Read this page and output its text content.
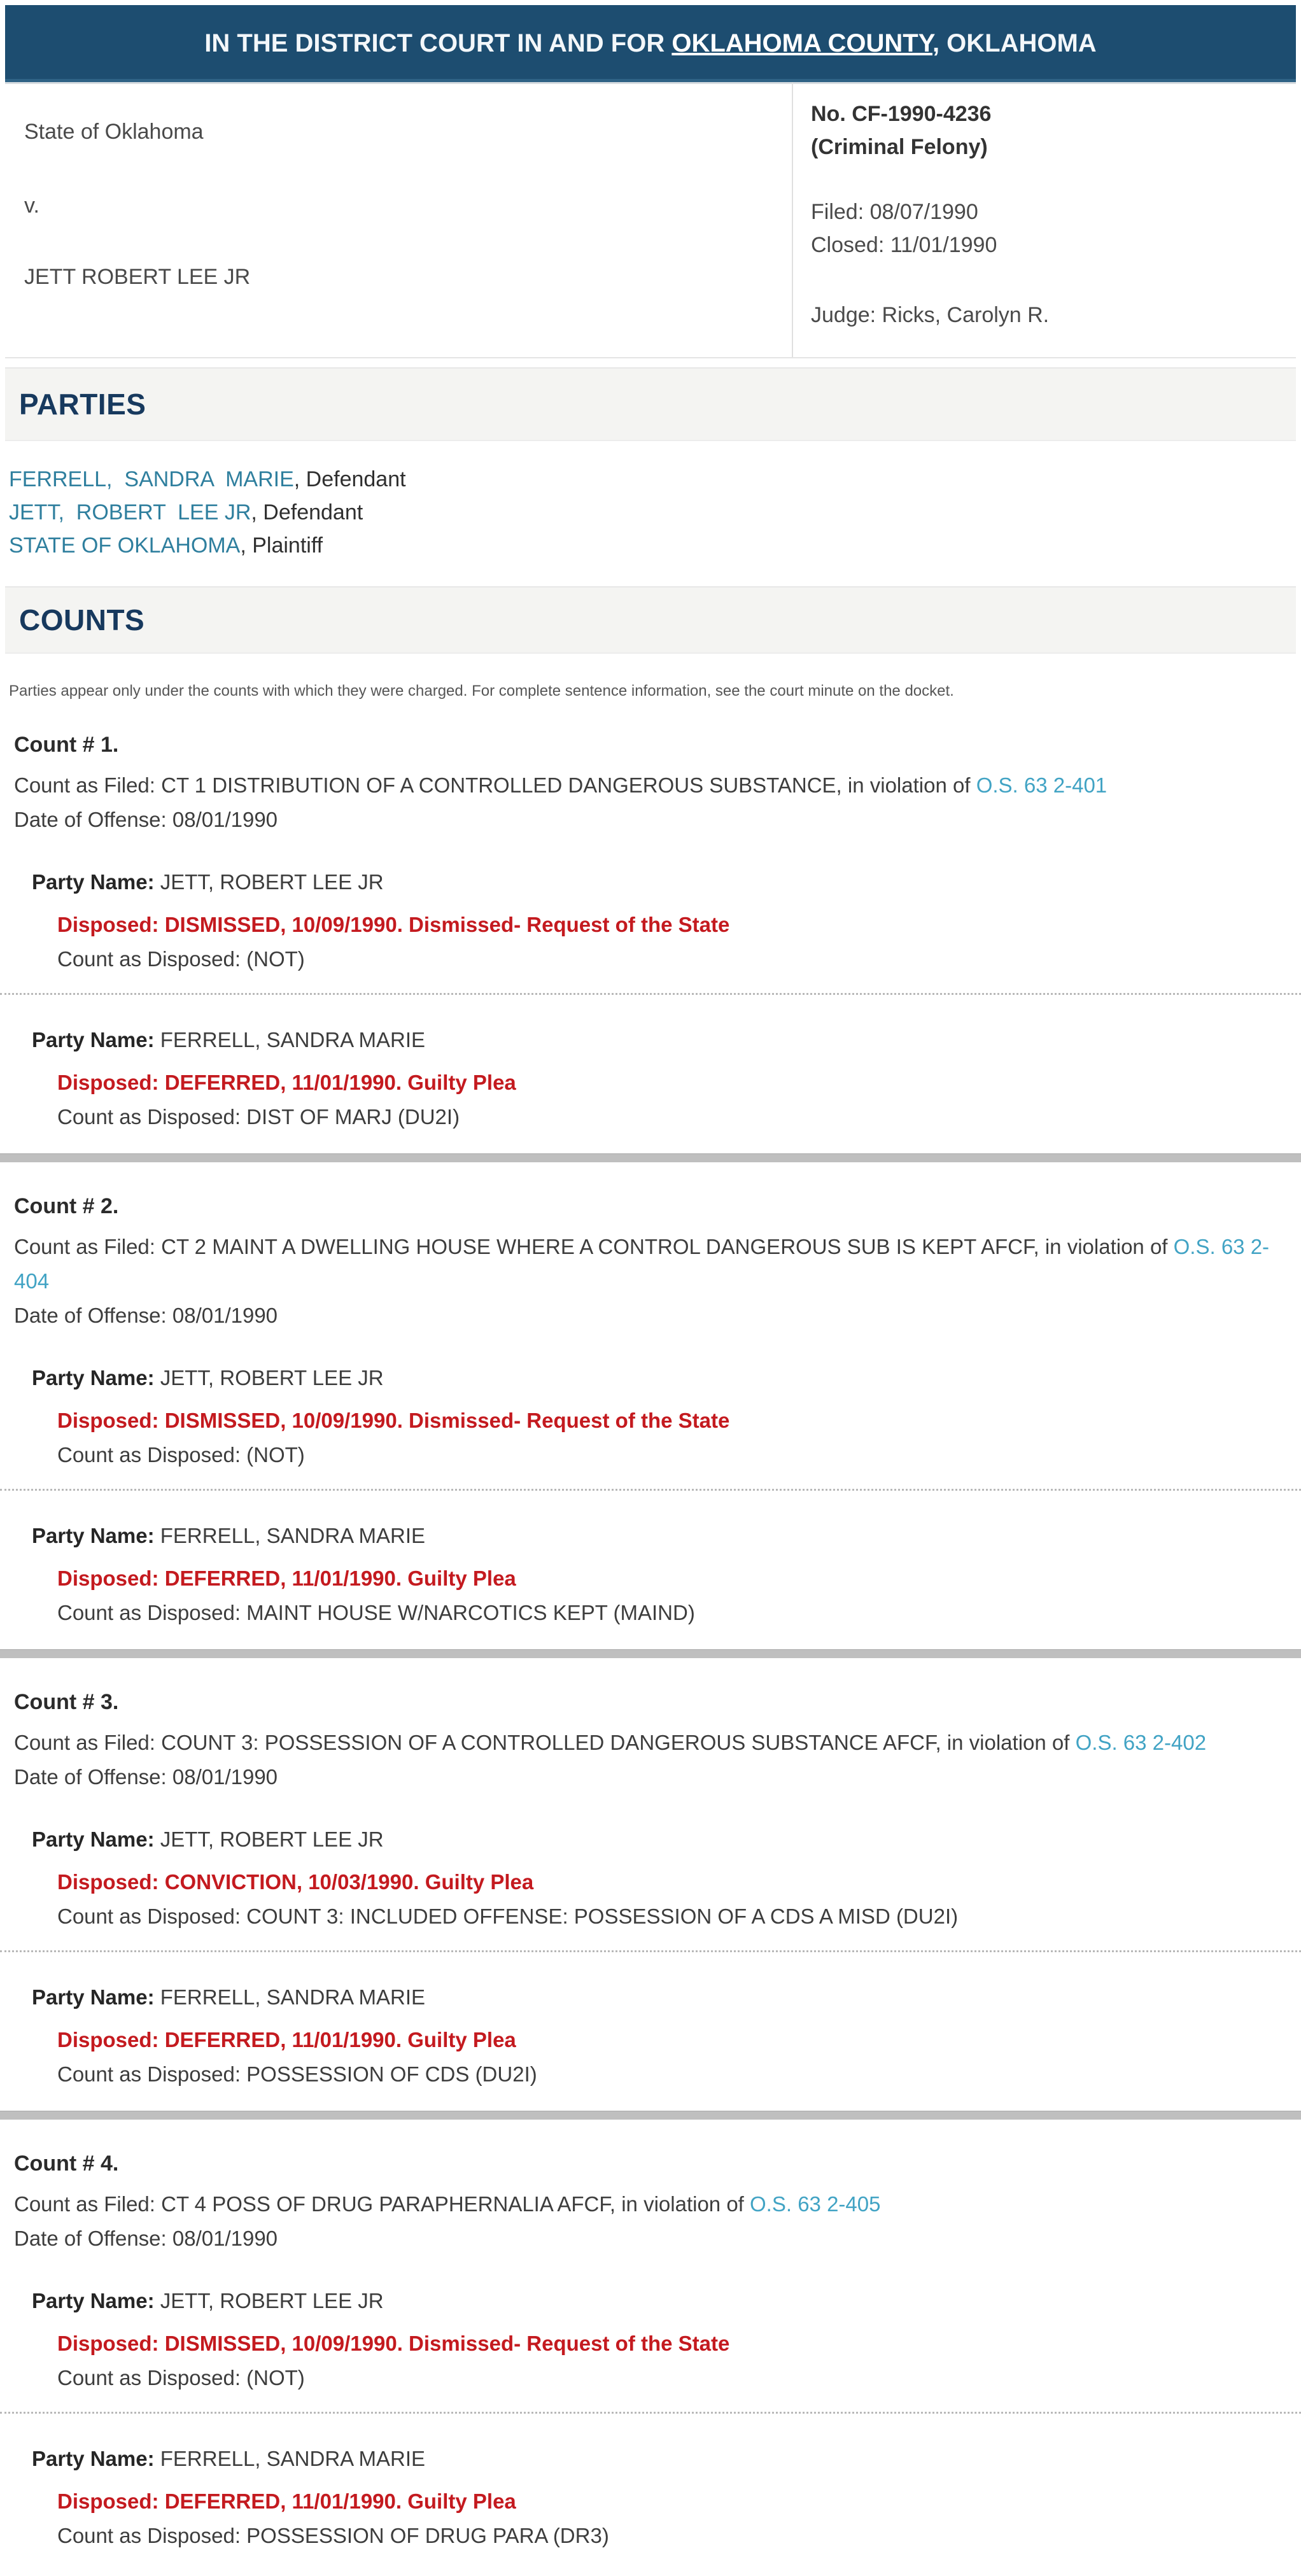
IN THE DISTRICT COURT IN AND FOR OKLAHOMA COUNTY, OKLAHOMA

State of Oklahoma

v.

JETT ROBERT LEE JR

No. CF-1990-4236

(Criminal Felony)

Filed: 08/07/1990

Closed: 11/01/1990

Judge: Ricks, Carolyn R.

PARTIES

FERRELL,  SANDRA  MARIE, Defendant

JETT,  ROBERT  LEE JR, Defendant

STATE OF OKLAHOMA, Plaintiff

COUNTS

Parties appear only under the counts with which they were charged. For complete sentence information, see the court minute on the docket.

Count # 1.

Count as Filed: CT 1 DISTRIBUTION OF A CONTROLLED DANGEROUS SUBSTANCE, in violation of O.S. 63 2-401

Date of Offense: 08/01/1990

Party Name: JETT, ROBERT LEE JR

Disposed: DISMISSED, 10/09/1990. Dismissed- Request of the State

Count as Disposed: (NOT)

Party Name: FERRELL, SANDRA MARIE

Disposed: DEFERRED, 11/01/1990. Guilty Plea

Count as Disposed: DIST OF MARJ (DU2I)

Count # 2.

Count as Filed: CT 2 MAINT A DWELLING HOUSE WHERE A CONTROL DANGEROUS SUB IS KEPT AFCF, in violation of O.S. 63 2-404

Date of Offense: 08/01/1990

Party Name: JETT, ROBERT LEE JR

Disposed: DISMISSED, 10/09/1990. Dismissed- Request of the State

Count as Disposed: (NOT)

Party Name: FERRELL, SANDRA MARIE

Disposed: DEFERRED, 11/01/1990. Guilty Plea

Count as Disposed: MAINT HOUSE W/NARCOTICS KEPT (MAIND)

Count # 3.

Count as Filed: COUNT 3: POSSESSION OF A CONTROLLED DANGEROUS SUBSTANCE AFCF, in violation of O.S. 63 2-402

Date of Offense: 08/01/1990

Party Name: JETT, ROBERT LEE JR

Disposed: CONVICTION, 10/03/1990. Guilty Plea

Count as Disposed: COUNT 3: INCLUDED OFFENSE: POSSESSION OF A CDS A MISD (DU2I)

Party Name: FERRELL, SANDRA MARIE

Disposed: DEFERRED, 11/01/1990. Guilty Plea

Count as Disposed: POSSESSION OF CDS (DU2I)

Count # 4.

Count as Filed: CT 4 POSS OF DRUG PARAPHERNALIA AFCF, in violation of O.S. 63 2-405

Date of Offense: 08/01/1990

Party Name: JETT, ROBERT LEE JR

Disposed: DISMISSED, 10/09/1990. Dismissed- Request of the State

Count as Disposed: (NOT)

Party Name: FERRELL, SANDRA MARIE

Disposed: DEFERRED, 11/01/1990. Guilty Plea

Count as Disposed: POSSESSION OF DRUG PARA (DR3)
